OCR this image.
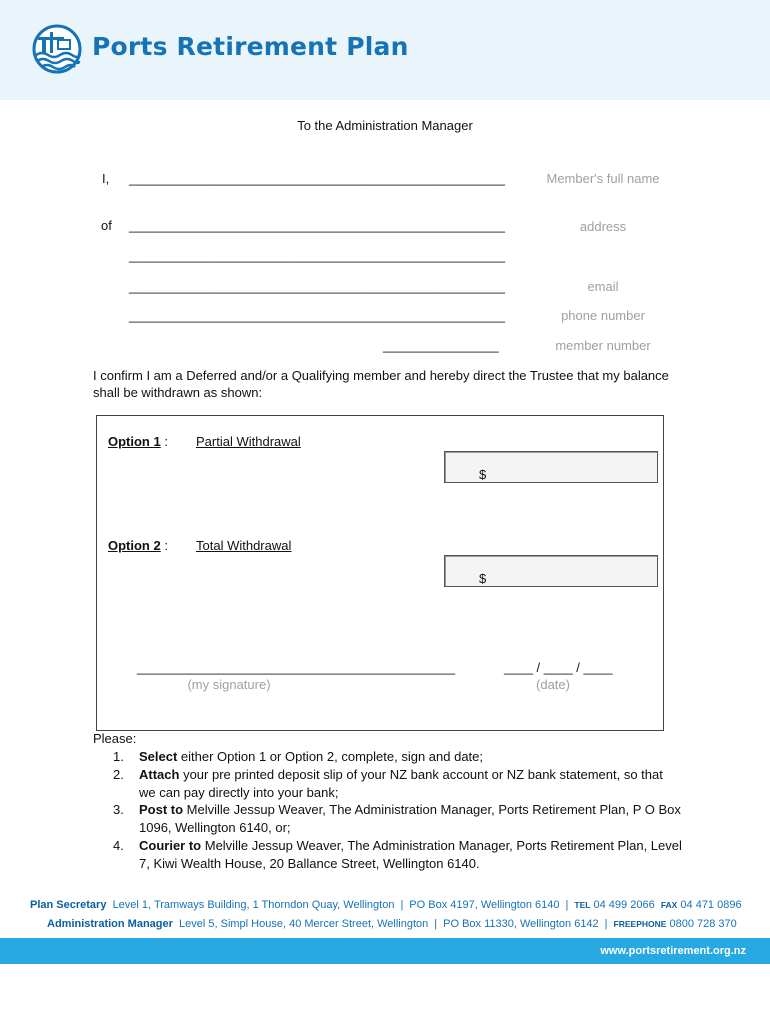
Ports Retirement Plan
To the Administration Manager
I, ____________________________________________________	Member's full name
of ____________________________________________________	address
____________________________________________________
____________________________________________________	email
____________________________________________________	phone number
________________	member number
I confirm I am a Deferred and/or a Qualifying member and hereby direct the Trustee that my balance shall be withdrawn as shown:
Option 1 : Partial Withdrawal
$
Option 2 : Total Withdrawal
$
____________________________________________	____ / ____ / ____
(my signature)	(date)
Please:
1.	Select either Option 1 or Option 2, complete, sign and date;
2.	Attach your pre printed deposit slip of your NZ bank account or NZ bank statement, so that we can pay directly into your bank;
3.	Post to Melville Jessup Weaver, The Administration Manager, Ports Retirement Plan, P O Box 1096, Wellington 6140, or;
4.	Courier to Melville Jessup Weaver, The Administration Manager, Ports Retirement Plan, Level 7, Kiwi Wealth House, 20 Ballance Street, Wellington 6140.
Plan Secretary Level 1, Tramways Building, 1 Thorndon Quay, Wellington | PO Box 4197, Wellington 6140 | TEL 04 499 2066 FAX 04 471 0896
Administration Manager Level 5, Simpl House, 40 Mercer Street, Wellington | PO Box 11330, Wellington 6142 | FREEPHONE 0800 728 370
www.portsretirement.org.nz
